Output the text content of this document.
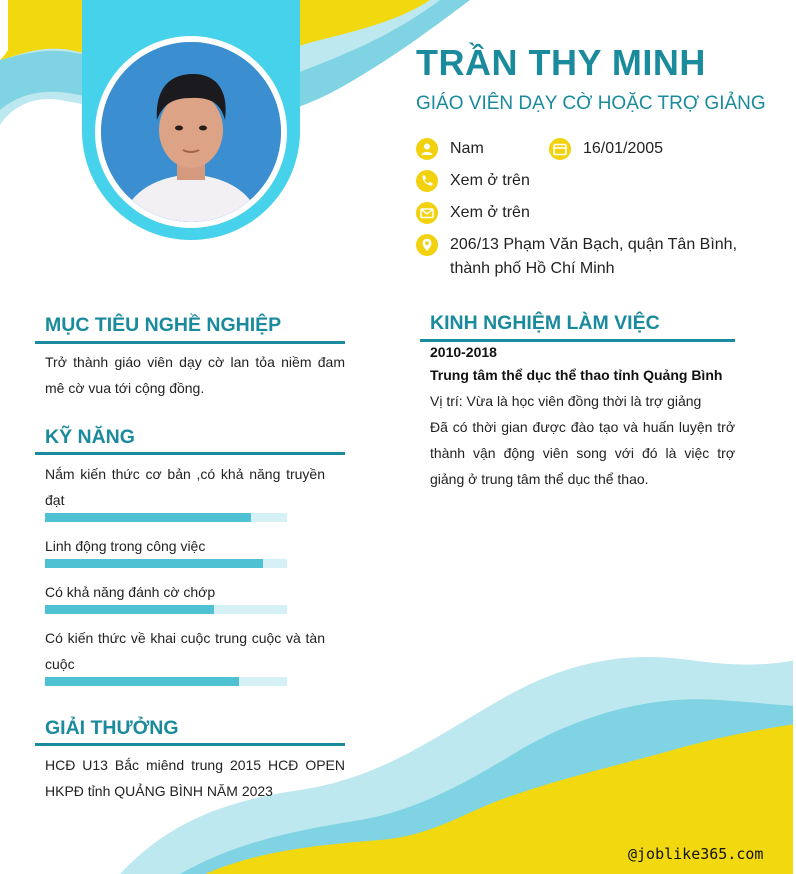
TRẦN THY MINH
GIÁO VIÊN DẠY CỜ HOẶC TRỢ GIẢNG
Nam	16/01/2005
Xem ở trên
Xem ở trên
206/13 Phạm Văn Bạch, quận Tân Bình, thành phố Hồ Chí Minh
MỤC TIÊU NGHỀ NGHIỆP
Trở thành giáo viên dạy cờ lan tỏa niềm đam mê cờ vua tới cộng đồng.
KỸ NĂNG
Nắm kiến thức cơ bản ,có khả năng truyền đạt
Linh động trong công việc
Có khả năng đánh cờ chớp
Có kiến thức về khai cuộc trung cuộc và tàn cuộc
GIẢI THƯỞNG
HCĐ U13 Bắc miênd trung 2015 HCĐ OPEN HKPĐ tỉnh QUẢNG BÌNH NĂM 2023
KINH NGHIỆM LÀM VIỆC
2010-2018
Trung tâm thể dục thể thao tỉnh Quảng Bình
Vị trí: Vừa là học viên đồng thời là trợ giảng
Đã có thời gian được đào tạo và huấn luyện trở thành vận động viên song với đó là việc trợ giảng ở trung tâm thể dục thể thao.
@joblike365.com
